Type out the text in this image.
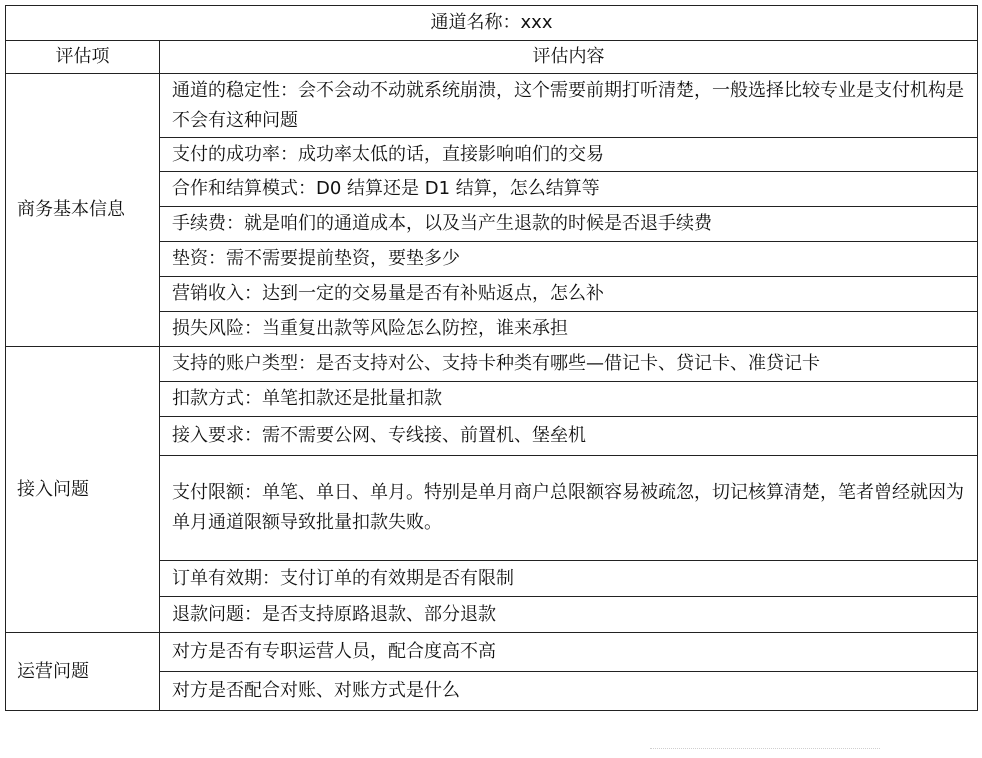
通道名称：xxx	
评估项	评估内容
商务基本信息	通道的稳定性：会不会动不动就系统崩溃，这个需要前期打听清楚，一般选择比较专业是支付机构是不会有这种问题
	支付的成功率：成功率太低的话，直接影响咱们的交易
	合作和结算模式：D0 结算还是 D1 结算，怎么结算等
	手续费：就是咱们的通道成本，以及当产生退款的时候是否退手续费
	垫资：需不需要提前垫资，要垫多少
	营销收入：达到一定的交易量是否有补贴返点，怎么补
	损失风险：当重复出款等风险怎么防控，谁来承担
接入问题	支持的账户类型：是否支持对公、支持卡种类有哪些—借记卡、贷记卡、准贷记卡
	扣款方式：单笔扣款还是批量扣款
	接入要求：需不需要公网、专线接、前置机、堡垒机
	支付限额：单笔、单日、单月。特别是单月商户总限额容易被疏忽，切记核算清楚，笔者曾经就因为单月通道限额导致批量扣款失败。
	订单有效期：支付订单的有效期是否有限制
	退款问题：是否支持原路退款、部分退款
运营问题	对方是否有专职运营人员，配合度高不高
	对方是否配合对账、对账方式是什么
